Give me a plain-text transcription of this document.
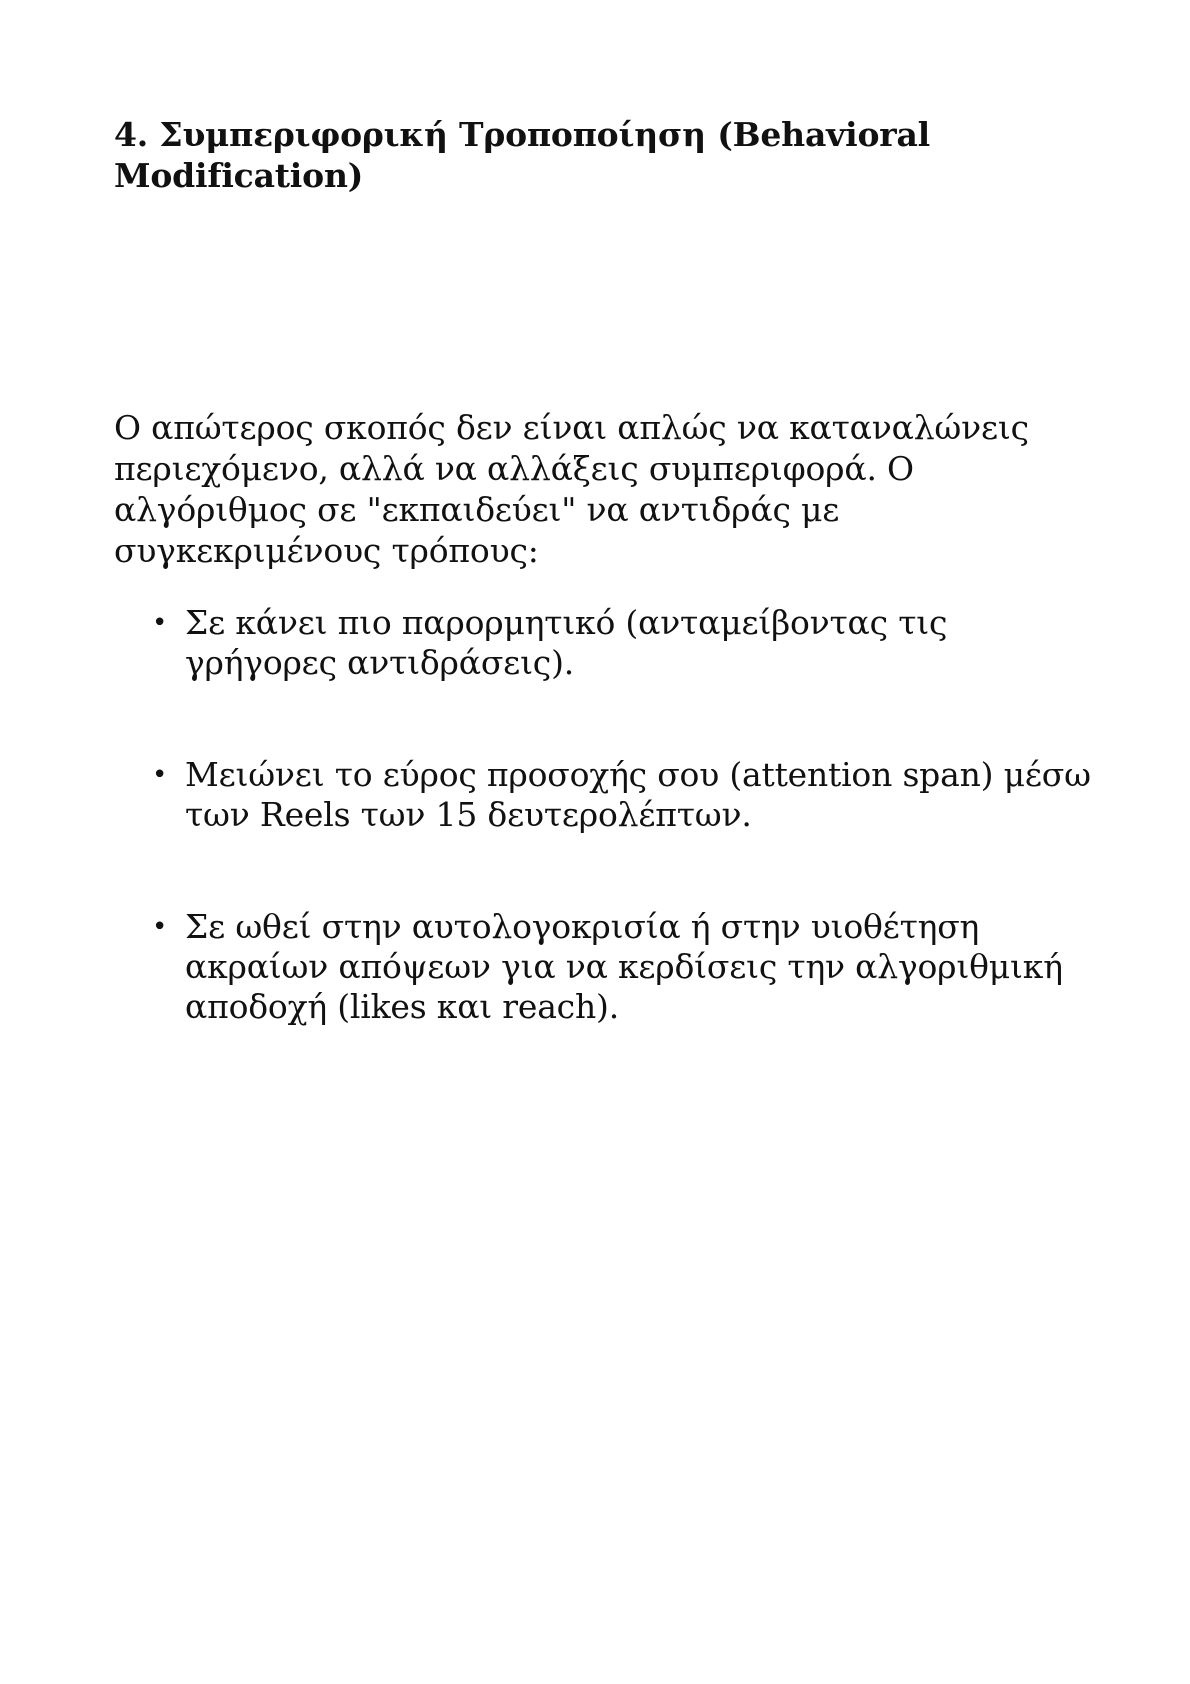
4. Συμπεριφορική Τροποποίηση (Behavioral Modification)

Ο απώτερος σκοπός δεν είναι απλώς να καταναλώνεις περιεχόμενο, αλλά να αλλάξεις συμπεριφορά. Ο αλγόριθμος σε "εκπαιδεύει" να αντιδράς με συγκεκριμένους τρόπους:

• Σε κάνει πιο παρορμητικό (ανταμείβοντας τις γρήγορες αντιδράσεις).
• Μειώνει το εύρος προσοχής σου (attention span) μέσω των Reels των 15 δευτερολέπτων.
• Σε ωθεί στην αυτολογοκρισία ή στην υιοθέτηση ακραίων απόψεων για να κερδίσεις την αλγοριθμική αποδοχή (likes και reach).
